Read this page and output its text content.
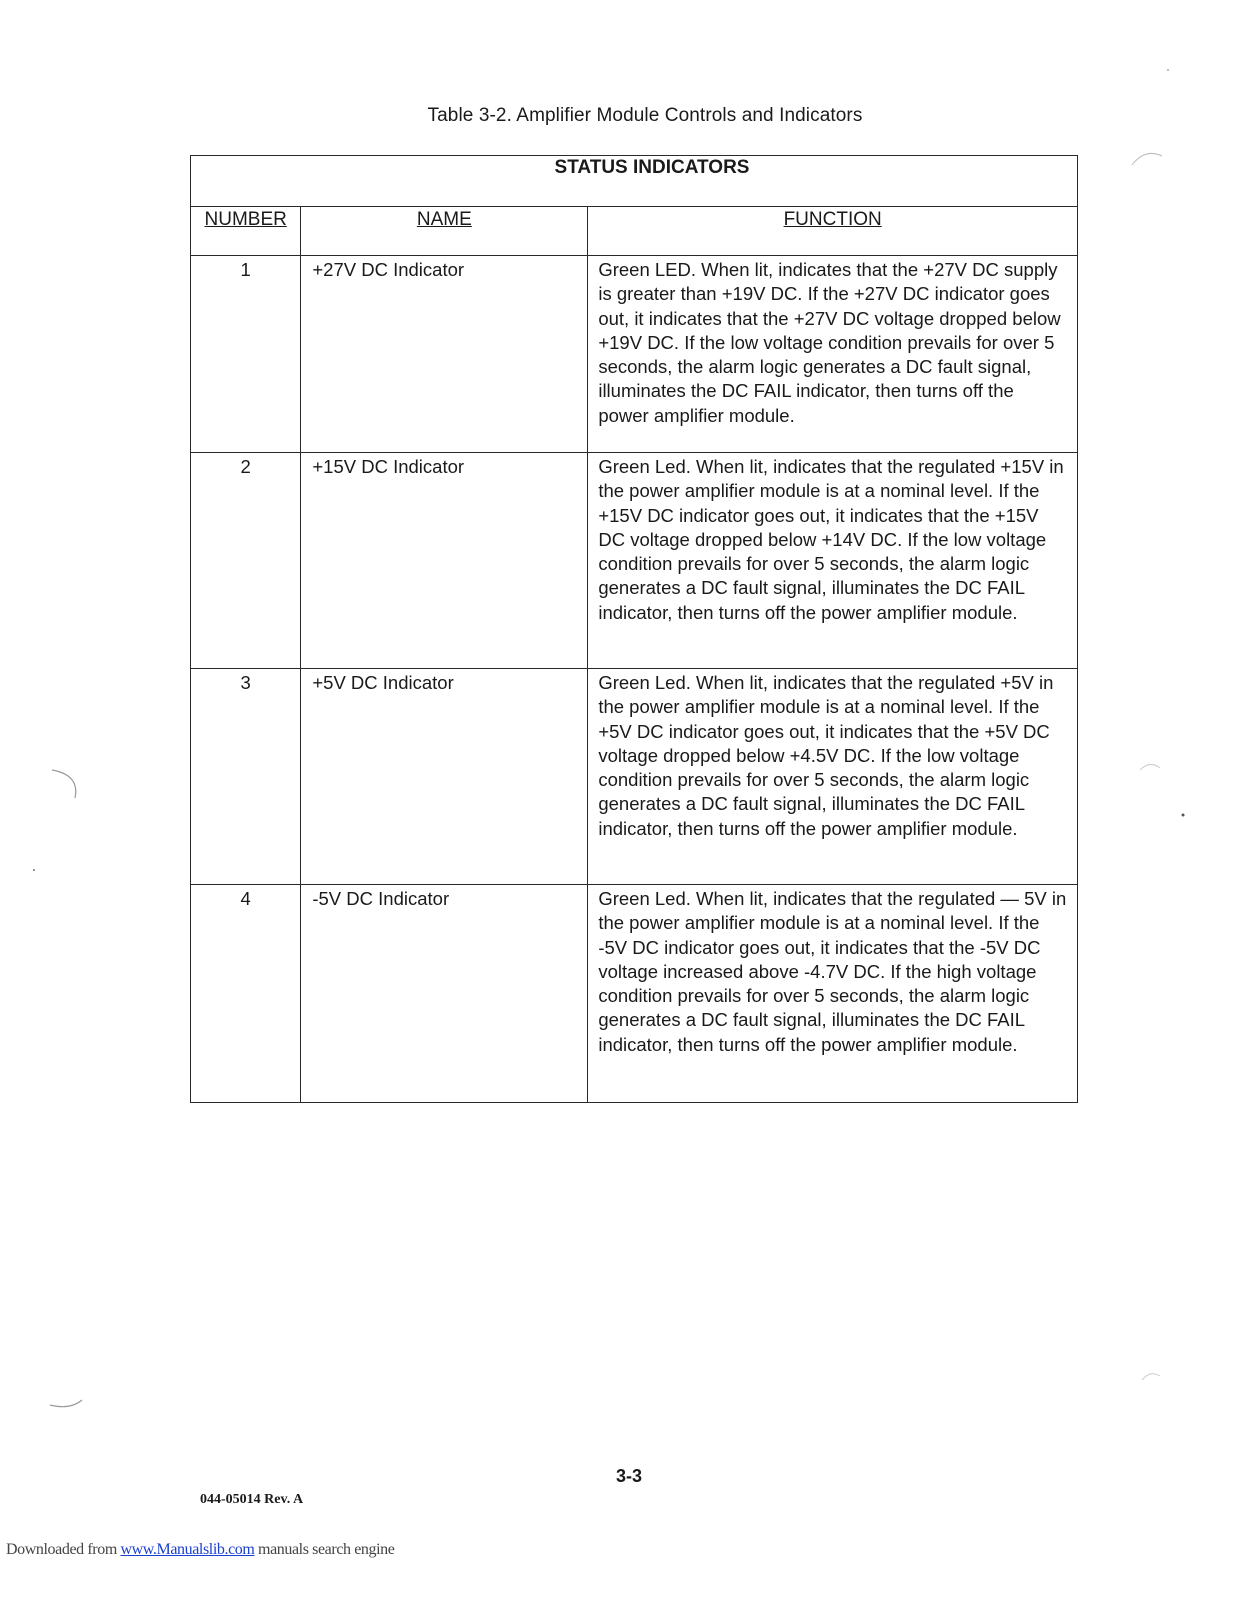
Table 3-2. Amplifier Module Controls and Indicators
STATUS INDICATORS		
NUMBER	NAME	FUNCTION
1	+27V DC Indicator	Green LED. When lit, indicates that the +27V DC supply is greater than +19V DC. If the +27V DC indicator goes out, it indicates that the +27V DC voltage dropped below +19V DC. If the low voltage condition prevails for over 5 seconds, the alarm logic generates a DC fault signal, illuminates the DC FAIL indicator, then turns off the power amplifier module.
2	+15V DC Indicator	Green Led. When lit, indicates that the regulated +15V in the power amplifier module is at a nominal level. If the +15V DC indicator goes out, it indicates that the +15V DC voltage dropped below +14V DC. If the low voltage condition prevails for over 5 seconds, the alarm logic generates a DC fault signal, illuminates the DC FAIL indicator, then turns off the power amplifier module.
3	+5V DC Indicator	Green Led. When lit, indicates that the regulated +5V in the power amplifier module is at a nominal level. If the +5V DC indicator goes out, it indicates that the +5V DC voltage dropped below +4.5V DC. If the low voltage condition prevails for over 5 seconds, the alarm logic generates a DC fault signal, illuminates the DC FAIL indicator, then turns off the power amplifier module.
4	-5V DC Indicator	Green Led. When lit, indicates that the regulated — 5V in the power amplifier module is at a nominal level. If the -5V DC indicator goes out, it indicates that the -5V DC voltage increased above -4.7V DC. If the high voltage condition prevails for over 5 seconds, the alarm logic generates a DC fault signal, illuminates the DC FAIL indicator, then turns off the power amplifier module.
3-3
044-05014 Rev. A
Downloaded from www.Manualslib.com manuals search engine
